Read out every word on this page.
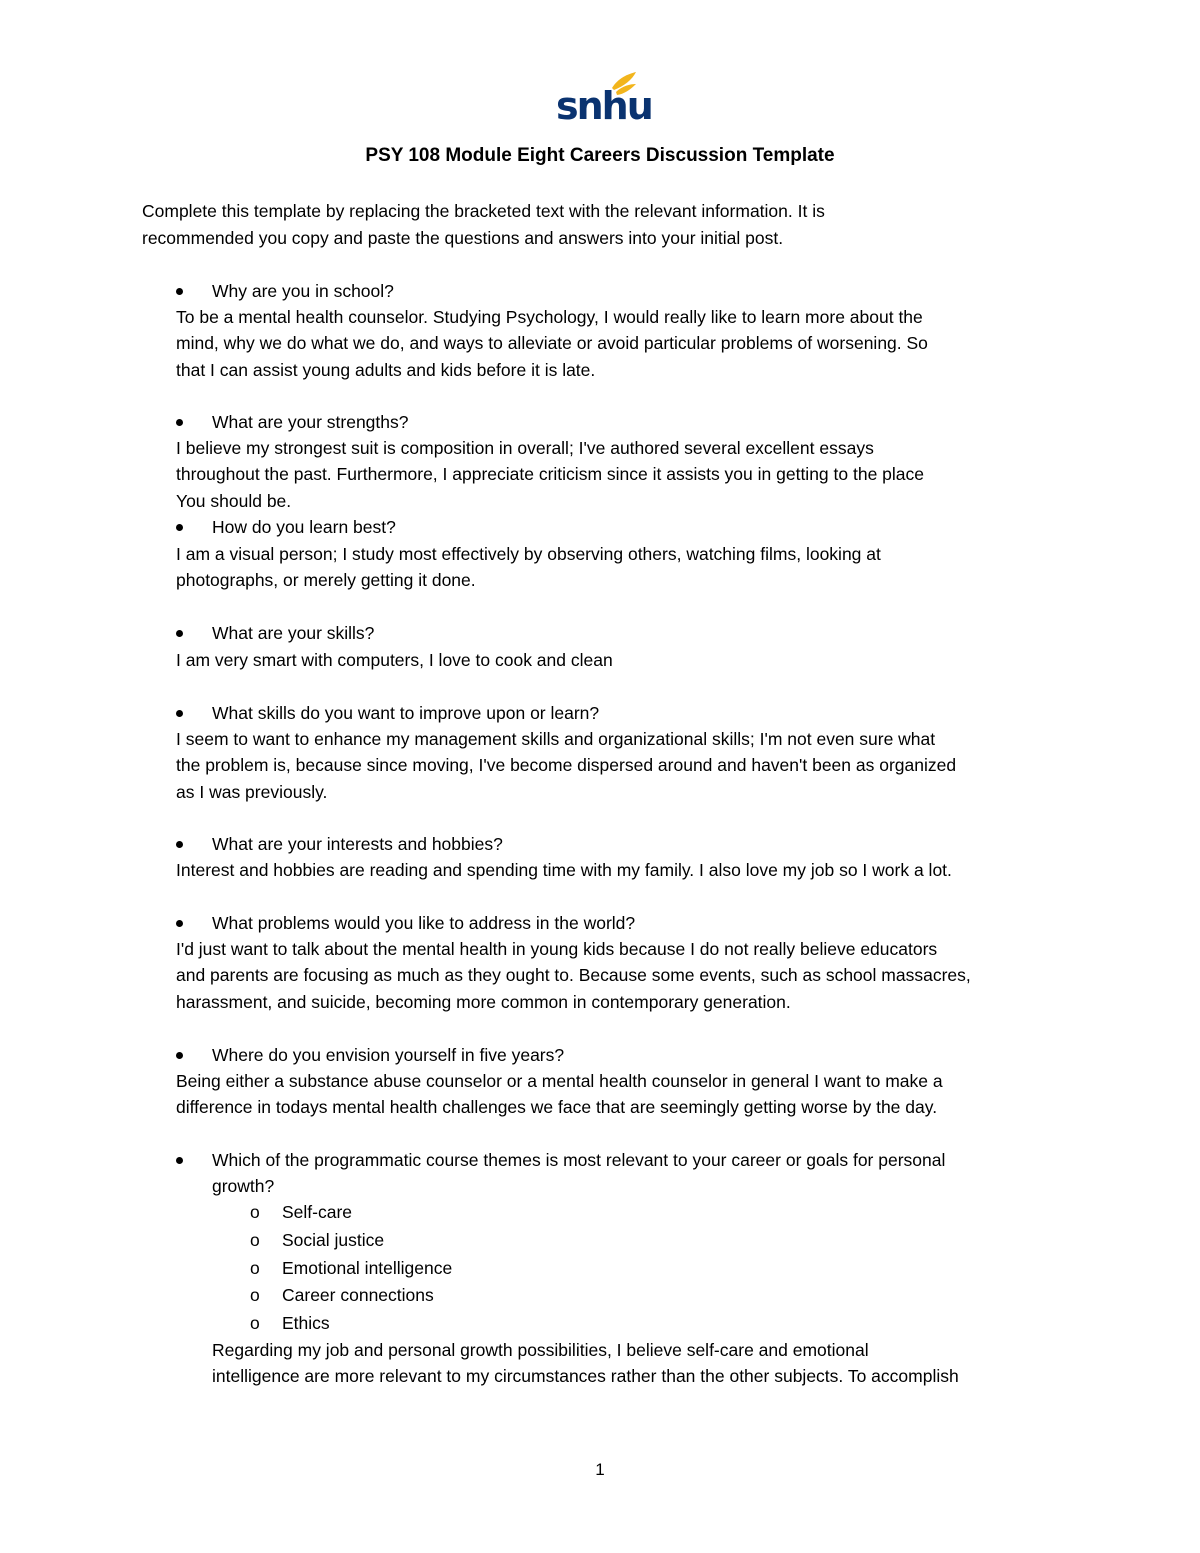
snhu
PSY 108 Module Eight Careers Discussion Template
Complete this template by replacing the bracketed text with the relevant information. It is
recommended you copy and paste the questions and answers into your initial post.
Why are you in school?
To be a mental health counselor. Studying Psychology, I would really like to learn more about the
mind, why we do what we do, and ways to alleviate or avoid particular problems of worsening. So
that I can assist young adults and kids before it is late.
What are your strengths?
I believe my strongest suit is composition in overall; I've authored several excellent essays
throughout the past. Furthermore, I appreciate criticism since it assists you in getting to the place
You should be.
How do you learn best?
I am a visual person; I study most effectively by observing others, watching films, looking at
photographs, or merely getting it done.
What are your skills?
I am very smart with computers, I love to cook and clean
What skills do you want to improve upon or learn?
I seem to want to enhance my management skills and organizational skills; I'm not even sure what
the problem is, because since moving, I've become dispersed around and haven't been as organized
as I was previously.
What are your interests and hobbies?
Interest and hobbies are reading and spending time with my family. I also love my job so I work a lot.
What problems would you like to address in the world?
I'd just want to talk about the mental health in young kids because I do not really believe educators
and parents are focusing as much as they ought to. Because some events, such as school massacres,
harassment, and suicide, becoming more common in contemporary generation.
Where do you envision yourself in five years?
Being either a substance abuse counselor or a mental health counselor in general I want to make a
difference in todays mental health challenges we face that are seemingly getting worse by the day.
Which of the programmatic course themes is most relevant to your career or goals for personal
growth?
o Self-care
o Social justice
o Emotional intelligence
o Career connections
o Ethics
Regarding my job and personal growth possibilities, I believe self-care and emotional
intelligence are more relevant to my circumstances rather than the other subjects. To accomplish
1
